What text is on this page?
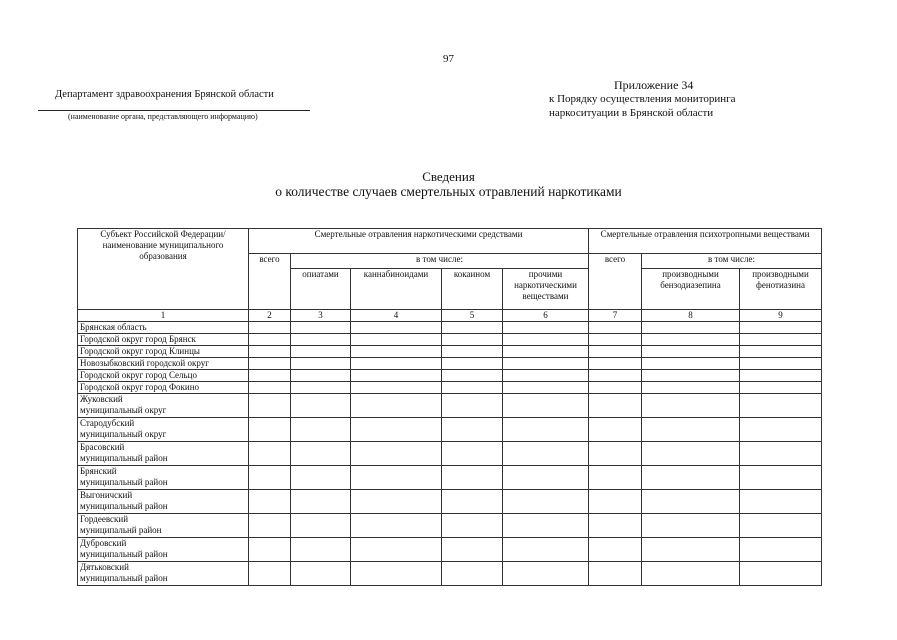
97
Департамент здравоохранения Брянской области
(наименование органа, представляющего информацию)
Приложение 34
к Порядку осуществления мониторинга
наркоситуации в Брянской области
Сведения
о количестве случаев смертельных отравлений наркотиками
Субъект Российской Федерации/ наименование муниципального образования	Смертельные отравления наркотическими средствами					Смертельные отравления психотропными веществами		
	всего	в том числе:				всего	в том числе:	
		опиатами	каннабиноидами	кокаином	прочими наркотическими веществами		производными бензодиазепина	производными фенотиазина
1	2	3	4	5	6	7	8	9

Брянская область								

Городской округ город Брянск								

Городской округ город Клинцы								

Новозыбковский городской округ								

Городской округ город Сельцо								

Городской округ город Фокино								

Жуковский
муниципальный округ								

Стародубский
муниципальный округ								

Брасовский
муниципальный район								

Брянский
муниципальный район								

Выгоничский
муниципальный район								

Гордеевский
муниципальнй район								

Дубровский
муниципальный район								

Дятьковский
муниципальный район								
